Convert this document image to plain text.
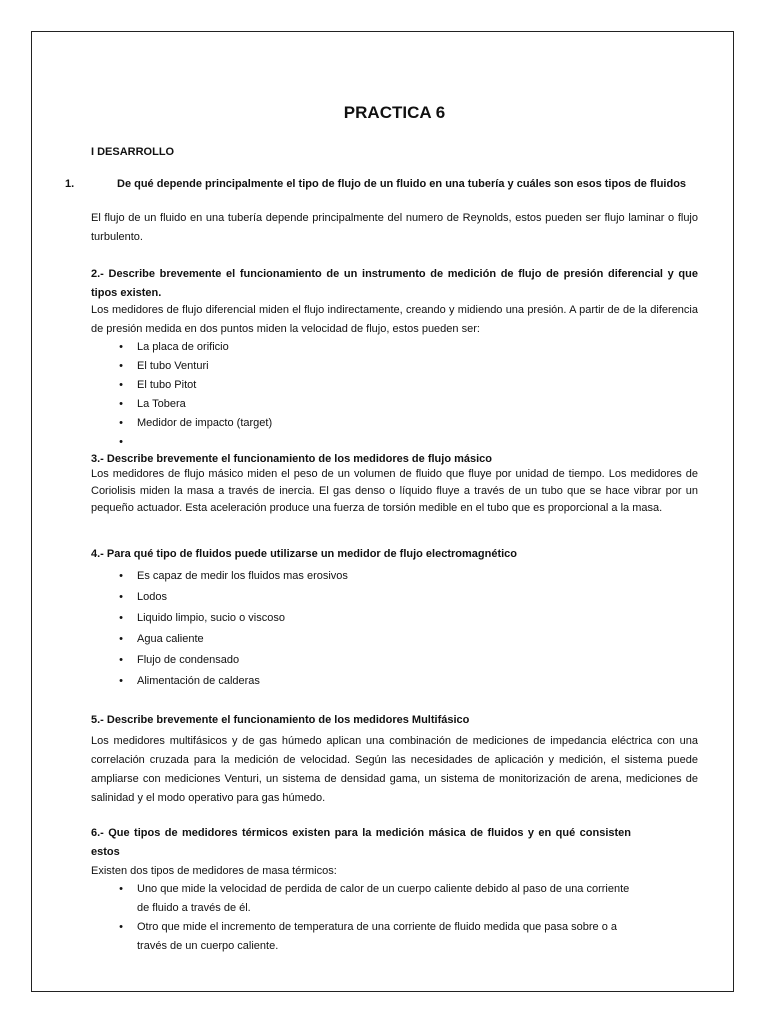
PRACTICA 6
I DESARROLLO
1.	De qué depende principalmente el tipo de flujo de un fluido en una tubería y cuáles son esos tipos de fluidos
El flujo de un fluido en una tubería depende principalmente del numero de Reynolds, estos pueden ser flujo laminar o flujo turbulento.
2.- Describe brevemente el funcionamiento de un instrumento de medición de flujo de presión diferencial y que tipos existen.
Los medidores de flujo diferencial miden el flujo indirectamente, creando y midiendo una presión. A partir de de la diferencia de presión medida en dos puntos miden la velocidad de flujo, estos pueden ser:
• La placa de orificio
• El tubo Venturi
• El tubo Pitot
• La Tobera
• Medidor de impacto (target)
•
3.- Describe brevemente el funcionamiento de los medidores de flujo másico
Los medidores de flujo másico miden el peso de un volumen de fluido que fluye por unidad de tiempo. Los medidores de Coriolisis miden la masa a través de inercia. El gas denso o líquido fluye a través de un tubo que se hace vibrar por un pequeño actuador. Esta aceleración produce una fuerza de torsión medible en el tubo que es proporcional a la masa.
4.- Para qué tipo de fluidos puede utilizarse un medidor de flujo electromagnético
• Es capaz de medir los fluidos mas erosivos
• Lodos
• Liquido limpio, sucio o viscoso
• Agua caliente
• Flujo de condensado
• Alimentación de calderas
5.- Describe brevemente el funcionamiento de los medidores Multifásico
Los medidores multifásicos y de gas húmedo aplican una combinación de mediciones de impedancia eléctrica con una correlación cruzada para la medición de velocidad. Según las necesidades de aplicación y medición, el sistema puede ampliarse con mediciones Venturi, un sistema de densidad gama, un sistema de monitorización de arena, mediciones de salinidad y el modo operativo para gas húmedo.
6.- Que tipos de medidores térmicos existen para la medición másica de fluidos y en qué consisten estos
Existen dos tipos de medidores de masa térmicos:
• Uno que mide la velocidad de perdida de calor de un cuerpo caliente debido al paso de una corriente de fluido a través de él.
• Otro que mide el incremento de temperatura de una corriente de fluido medida que pasa sobre o a través de un cuerpo caliente.
